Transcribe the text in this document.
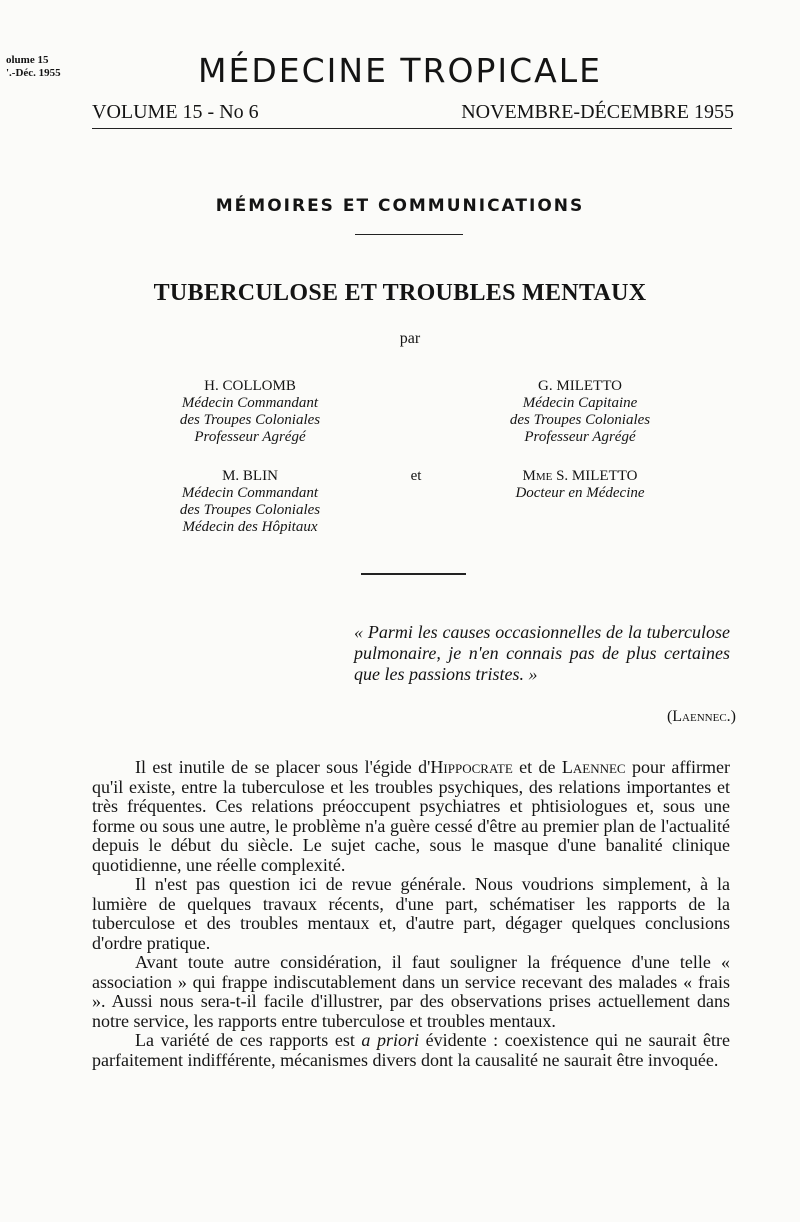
olume 15
'.-Déc. 1955	MÉDECINE TROPICALE
VOLUME 15 - No 6	NOVEMBRE-DÉCEMBRE 1955
MÉMOIRES ET COMMUNICATIONS
TUBERCULOSE ET TROUBLES MENTAUX
par
H. COLLOMB
Médecin Commandant
des Troupes Coloniales
Professeur Agrégé
G. MILETTO
Médecin Capitaine
des Troupes Coloniales
Professeur Agrégé
M. BLIN
Médecin Commandant
des Troupes Coloniales
Médecin des Hôpitaux
et	Mme S. MILETTO
Docteur en Médecine
« Parmi les causes occasionnelles de la tuberculose pulmonaire, je n'en connais pas de plus certaines que les passions tristes. »
(Laennec.)

Il est inutile de se placer sous l'égide d'Hippocrate et de Laennec pour affirmer qu'il existe, entre la tuberculose et les troubles psychiques, des relations importantes et très fréquentes. Ces relations préoccupent psychiatres et phtisiologues et, sous une forme ou sous une autre, le problème n'a guère cessé d'être au premier plan de l'actualité depuis le début du siècle. Le sujet cache, sous le masque d'une banalité clinique quotidienne, une réelle complexité.

Il n'est pas question ici de revue générale. Nous voudrions simplement, à la lumière de quelques travaux récents, d'une part, schématiser les rapports de la tuberculose et des troubles mentaux et, d'autre part, dégager quelques conclusions d'ordre pratique.

Avant toute autre considération, il faut souligner la fréquence d'une telle « association » qui frappe indiscutablement dans un service recevant des malades « frais ». Aussi nous sera-t-il facile d'illustrer, par des observations prises actuellement dans notre service, les rapports entre tuberculose et troubles mentaux.

La variété de ces rapports est a priori évidente : coexistence qui ne saurait être parfaitement indifférente, mécanismes divers dont la causalité ne saurait être invoquée.
